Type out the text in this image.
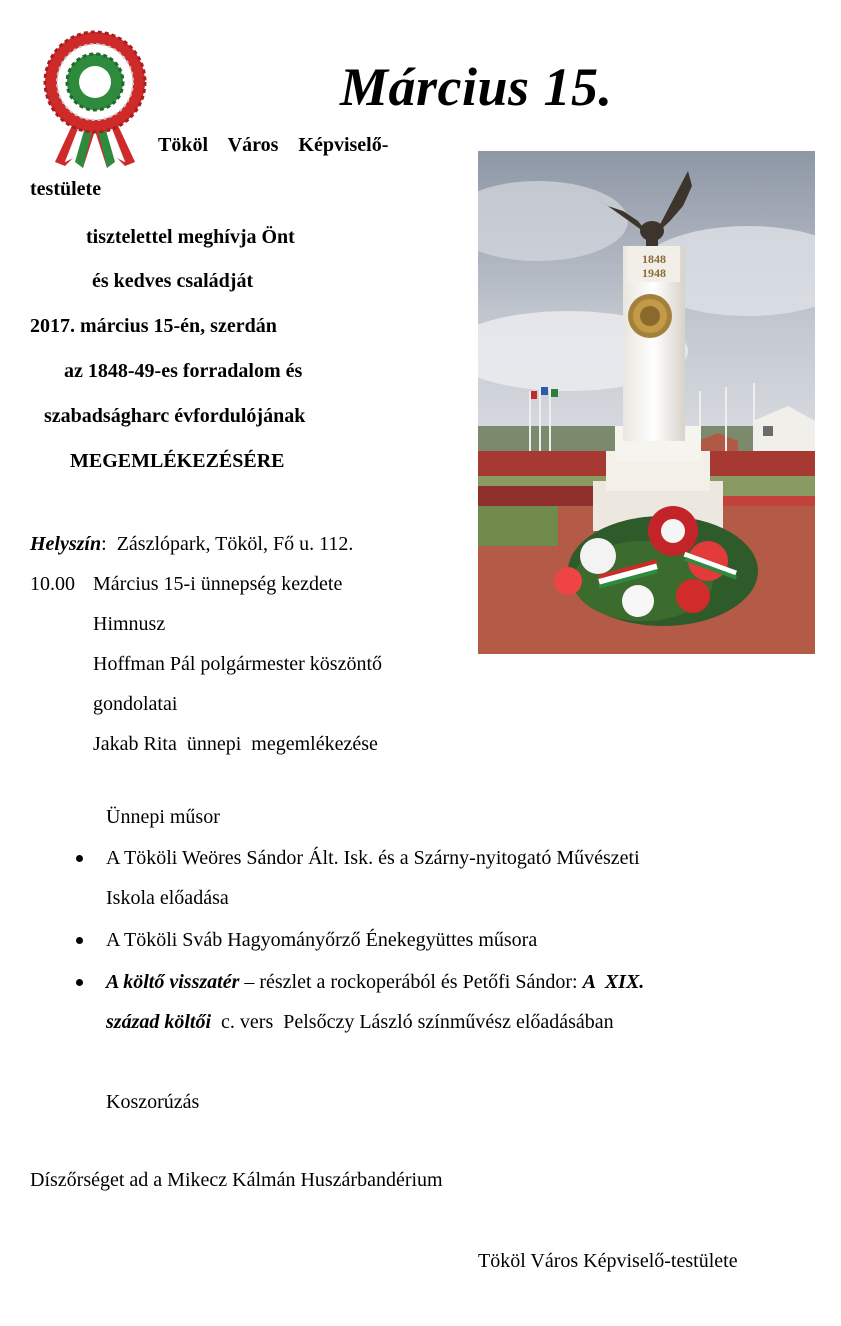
Március 15.
Tököl    Város    Képviselő-
testülete
tisztelettel meghívja Önt
és kedves családját
2017. március 15-én, szerdán
az 1848-49-es forradalom és
szabadságharc évfordulójának
MEGEMLÉKEZÉSÉRE
Helyszín: Zászlópark, Tököl, Fő u. 112.
10.00 Március 15-i ünnepség kezdete
Himnusz
Hoffman Pál polgármester köszöntő
gondolatai
Jakab Rita  ünnepi  megemlékezése
Ünnepi műsor
A Tököli Weöres Sándor Ált. Isk. és a Szárny-nyitogató Művészeti
Iskola előadása
A Tököli Sváb Hagyományőrző Énekegyüttes műsora
A költő visszatér – részlet a rockoperából és Petőfi Sándor: A  XIX.
század költői  c. vers  Pelsőczy László színművész előadásában
Koszorúzás
Díszőrséget ad a Mikecz Kálmán Huszárbandérium
Tököl Város Képviselő-testülete
1848
1948
